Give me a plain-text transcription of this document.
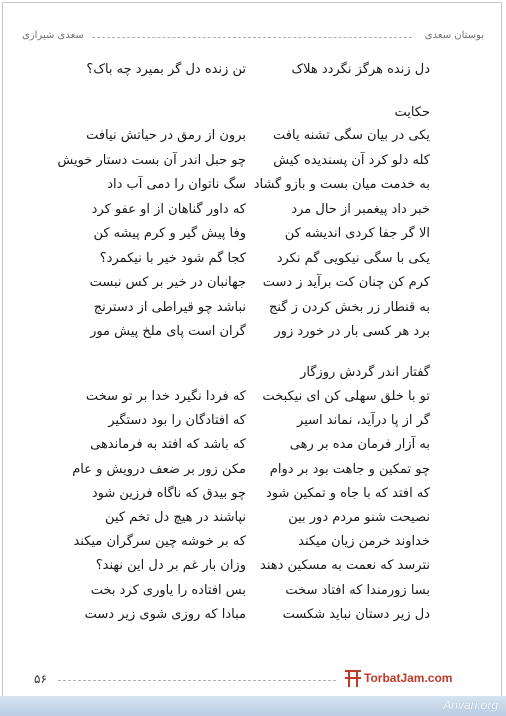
بوستان سعدی
سعدی شیرازی
دل زنده هرگز نگردد هلاک
تن زنده دل گر بمیرد چه باک؟
حکایت
یکی در بیان سگی تشنه یافت
برون از رمق در حیاتش نیافت
کله دلو کرد آن پسندیده کیش
چو حبل اندر آن بست دستار خویش
به خدمت میان بست و بازو گشاد
سگ ناتوان را دمی آب داد
خبر داد پیغمبر از حال مرد
که داور گناهان از او عفو کرد
الا گر جفا کردی اندیشه کن
وفا پیش گیر و کرم پیشه کن
یکی با سگی نیکویی گم نکرد
کجا گم شود خیر با نیکمرد؟
کرم کن چنان کت برآید ز دست
جهانبان در خیر بر کس نبست
به قنطار زر بخش کردن ز گنج
نباشد چو قیراطی از دسترنج
برد هر کسی بار در خورد زور
گران است پای ملخ پیش مور
گفتار اندر گردش روزگار
تو با خلق سهلی کن ای نیکبخت
که فردا نگیرد خدا بر تو سخت
گر از پا درآید، نماند اسیر
که افتادگان را بود دستگیر
به آزار فرمان مده بر رهی
که باشد که افتد به فرماندهی
چو تمکین و جاهت بود بر دوام
مکن زور بر ضعف درویش و عام
که افتد که با جاه و تمکین شود
چو بیدق که ناگاه فرزین شود
نصیحت شنو مردم دور بین
نپاشند در هیچ دل تخم کین
خداوند خرمن زیان میکند
که بر خوشه چین سرگران میکند
نترسد که نعمت به مسکین دهند
وزان بار غم بر دل این نهند؟
بسا زورمندا که افتاد سخت
بس افتاده را یاوری کرد بخت
دل زیر دستان نباید شکست
مبادا که روزی شوی زیر دست
۵۶	TorbatJam.com
Anvari.org
